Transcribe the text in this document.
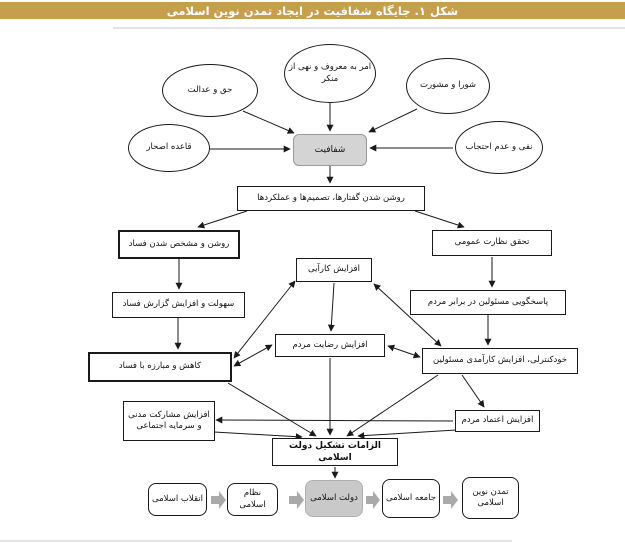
شکل ۱. جایگاه شفافیت در ایجاد تمدن نوین اسلامی
حق و عدالت
امر به معروف و نهی از منکر
شورا و مشورت
قاعده اصحار	نفی و عدم احتجاب
شفافیت
روشن شدن گفتارها، تصمیم‌ها و عملکردها
روشن و مشخص شدن فساد
سهولت و افزایش گزارش فساد
کاهش و مبارزه با فساد
افزایش مشارکت مدنی و سرمایه اجتماعی
تحقق نظارت عمومی
پاسخگویی مسئولین در برابر مردم
خودکنترلی، افزایش کارآمدی مسئولین
افزایش اعتماد مردم
افزایش کارآیی
افزایش رضایت مردم
الزامات تشکیل دولت اسلامی
انقلاب اسلامی
نظام اسلامی
دولت اسلامی	جامعه اسلامی
تمدن نوین اسلامی
